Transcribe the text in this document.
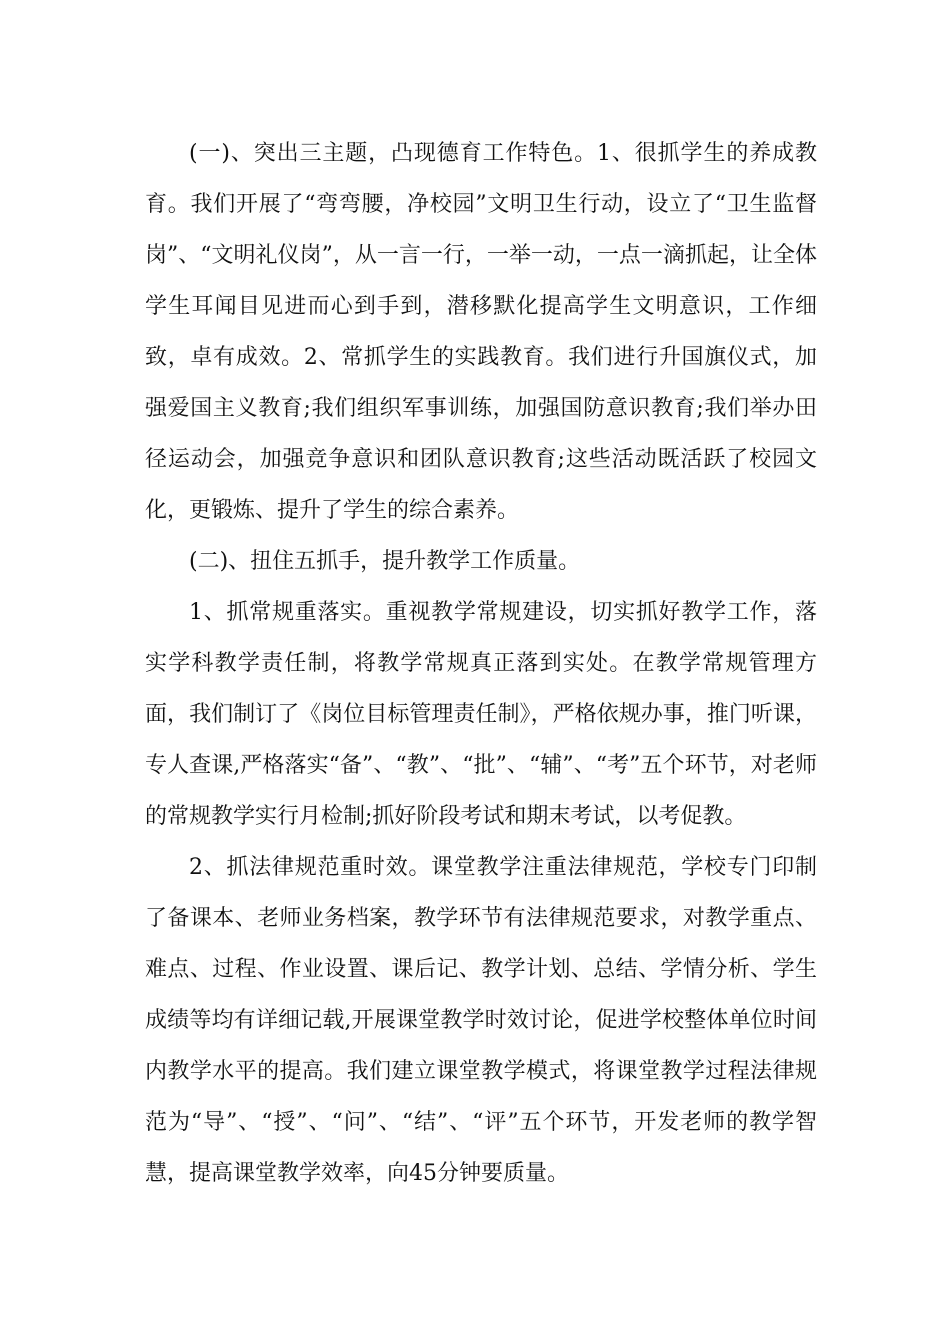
(一)、突出三主题，凸现德育工作特色。1、很抓学生的养成教育。我们开展了“弯弯腰，净校园”文明卫生行动，设立了“卫生监督岗”、“文明礼仪岗”，从一言一行，一举一动，一点一滴抓起，让全体学生耳闻目见进而心到手到，潜移默化提高学生文明意识，工作细致，卓有成效。2、常抓学生的实践教育。我们进行升国旗仪式，加强爱国主义教育;我们组织军事训练，加强国防意识教育;我们举办田径运动会，加强竞争意识和团队意识教育;这些活动既活跃了校园文化，更锻炼、提升了学生的综合素养。

(二)、扭住五抓手，提升教学工作质量。

1、抓常规重落实。重视教学常规建设，切实抓好教学工作，落实学科教学责任制，将教学常规真正落到实处。在教学常规管理方面，我们制订了《岗位目标管理责任制》，严格依规办事，推门听课，专人查课,严格落实“备”、“教”、“批”、“辅”、“考”五个环节，对老师的常规教学实行月检制;抓好阶段考试和期末考试，以考促教。

2、抓法律规范重时效。课堂教学注重法律规范，学校专门印制了备课本、老师业务档案，教学环节有法律规范要求，对教学重点、难点、过程、作业设置、课后记、教学计划、总结、学情分析、学生成绩等均有详细记载,开展课堂教学时效讨论，促进学校整体单位时间内教学水平的提高。我们建立课堂教学模式，将课堂教学过程法律规范为“导”、“授”、“问”、“结”、“评”五个环节，开发老师的教学智慧，提高课堂教学效率，向45分钟要质量。
